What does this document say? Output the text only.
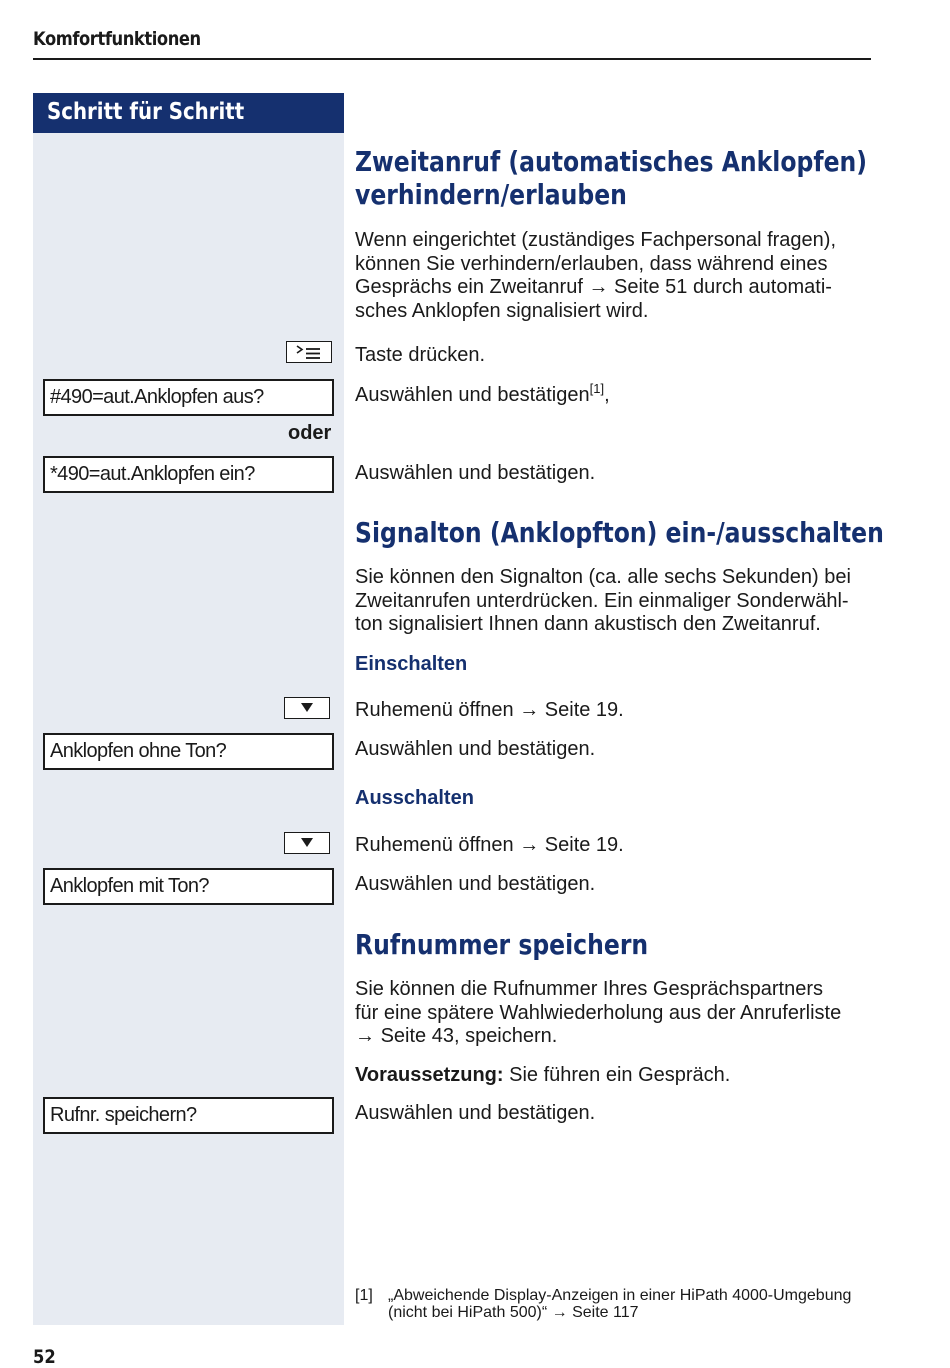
Komfortfunktionen
Schritt für Schritt
Zweitanruf (automatisches Anklopfen)
verhindern/erlauben
Wenn eingerichtet (zuständiges Fachpersonal fragen),
können Sie verhindern/erlauben, dass während eines
Gesprächs ein Zweitanruf → Seite 51 durch automati-
sches Anklopfen signalisiert wird.
Taste drücken.
#490=aut.Anklopfen aus?	Auswählen und bestätigen[1],
oder
*490=aut.Anklopfen ein?	Auswählen und bestätigen.
Signalton (Anklopfton) ein-/ausschalten
Sie können den Signalton (ca. alle sechs Sekunden) bei
Zweitanrufen unterdrücken. Ein einmaliger Sonderwähl-
ton signalisiert Ihnen dann akustisch den Zweitanruf.
Einschalten
Ruhemenü öffnen → Seite 19.
Anklopfen ohne Ton?	Auswählen und bestätigen.
Ausschalten
Ruhemenü öffnen → Seite 19.
Anklopfen mit Ton?	Auswählen und bestätigen.
Rufnummer speichern
Sie können die Rufnummer Ihres Gesprächspartners
für eine spätere Wahlwiederholung aus der Anruferliste
→ Seite 43, speichern.
Voraussetzung: Sie führen ein Gespräch.
Rufnr. speichern?	Auswählen und bestätigen.
[1] „Abweichende Display-Anzeigen in einer HiPath 4000-Umgebung
(nicht bei HiPath 500)“ → Seite 117
52
